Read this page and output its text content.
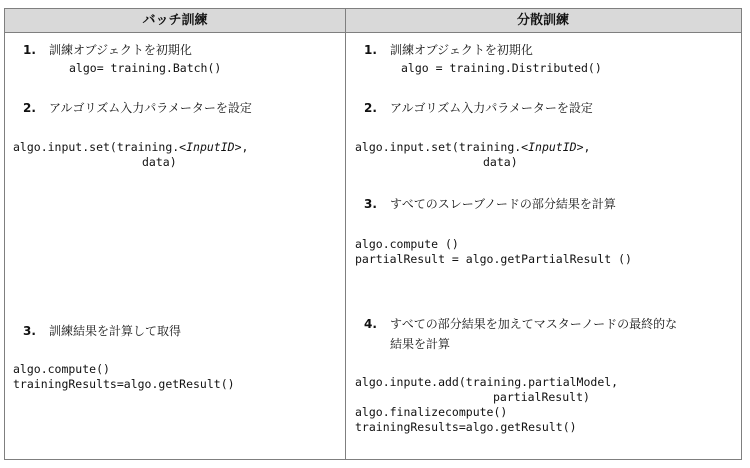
バッチ訓練	分散訓練
1. 訓練オブジェクトを初期化
algo= training.Batch()
2. アルゴリズム入力パラメーターを設定
algo.input.set(training.<InputID>,
data)
3. 訓練結果を計算して取得
algo.compute()
trainingResults=algo.getResult()
1. 訓練オブジェクトを初期化
algo = training.Distributed()
2. アルゴリズム入力パラメーターを設定
algo.input.set(training.<InputID>,
data)
3. すべてのスレーブノードの部分結果を計算
algo.compute ()
partialResult = algo.getPartialResult ()
4. すべての部分結果を加えてマスターノードの最終的な
結果を計算
algo.inpute.add(training.partialModel,
partialResult)
algo.finalizecompute()
trainingResults=algo.getResult()
